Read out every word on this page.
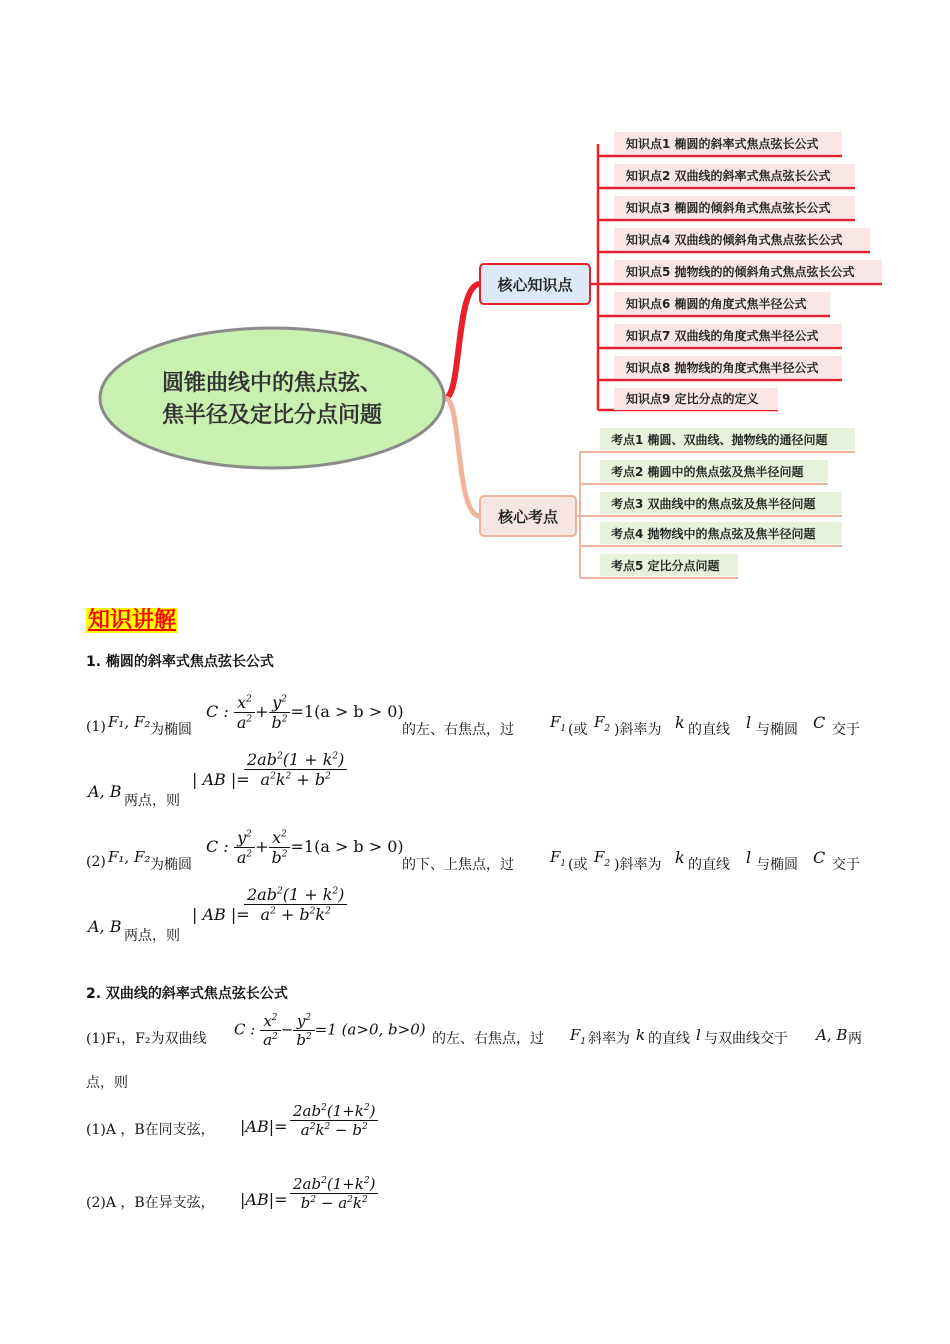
圆锥曲线中的焦点弦、
焦半径及定比分点问题
核心知识点
核心考点
知识点1 椭圆的斜率式焦点弦长公式
知识点2 双曲线的斜率式焦点弦长公式
知识点3 椭圆的倾斜角式焦点弦长公式
知识点4 双曲线的倾斜角式焦点弦长公式
知识点5 抛物线的的倾斜角式焦点弦长公式
知识点6 椭圆的角度式焦半径公式
知识点7 双曲线的角度式焦半径公式
知识点8 抛物线的角度式焦半径公式
知识点9 定比分点的定义
考点1 椭圆、双曲线、抛物线的通径问题
考点2 椭圆中的焦点弦及焦半径问题
考点3 双曲线中的焦点弦及焦半径问题
考点4 抛物线中的焦点弦及焦半径问题
考点5 定比分点问题
知识讲解
1. 椭圆的斜率式焦点弦长公式
(1) F₁, F₂ 为椭圆
C : $\frac{x^2}{a^2} + \frac{y^2}{b^2} =1(a > b > 0)$
的左、右焦点，过 $F_1$ (或 $F_2$ )斜率为 k 的直线 l 与椭圆 C 交于
A, B 两点，则
| AB |=
$\frac{2ab^2(1 + k^2)}{a^2k^2 + b^2}$
(2) F₁, F₂ 为椭圆
C : $\frac{y^2}{a^2} + \frac{x^2}{b^2} =1(a > b > 0)$
的下、上焦点，过 $F_1$ (或 $F_2$ )斜率为 k 的直线 l 与椭圆 C 交于
A, B 两点，则
| AB |=
$\frac{2ab^2(1 + k^2)}{a^2 + b^2k^2}$
2. 双曲线的斜率式焦点弦长公式
(1)F₁，F₂为双曲线
C : $\frac{x^2}{a^2} - \frac{y^2}{b^2} =1$ (a>0, b>0)
的左、右焦点，过 $F_1$ 斜率为 k 的直线 l 与双曲线交于 A, B 两
点，则
(1)A ，B在同支弦， $|AB|= \frac{2ab^2(1+k^2)}{a^2k^2 - b^2}$
(2)A ，B在异支弦， $|AB|= \frac{2ab^2(1+k^2)}{b^2 - a^2k^2}$
